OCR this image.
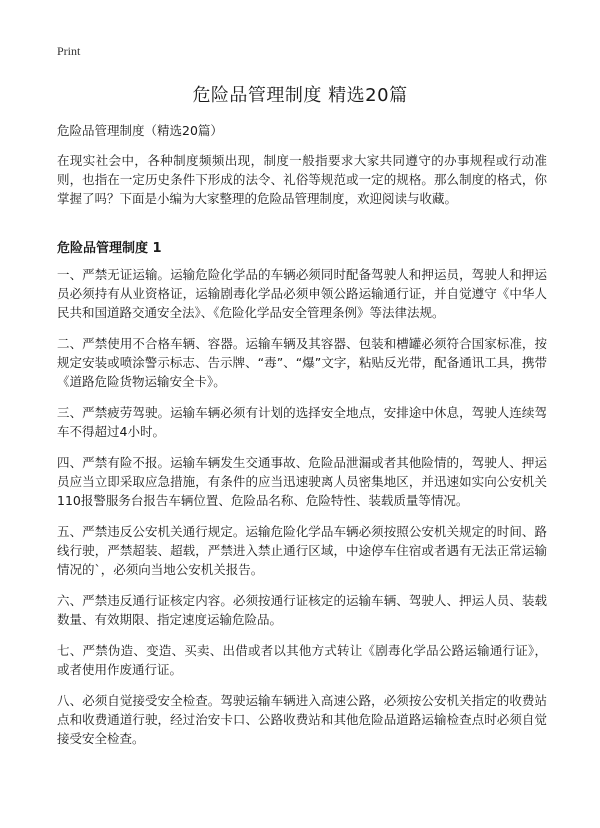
Print
危险品管理制度 精选20篇

危险品管理制度（精选20篇）

在现实社会中，各种制度频频出现，制度一般指要求大家共同遵守的办事规程或行动准则，也指在一定历史条件下形成的法令、礼俗等规范或一定的规格。那么制度的格式，你掌握了吗？下面是小编为大家整理的危险品管理制度，欢迎阅读与收藏。

危险品管理制度 1
一、严禁无证运输。运输危险化学品的车辆必须同时配备驾驶人和押运员，驾驶人和押运员必须持有从业资格证，运输剧毒化学品必须申领公路运输通行证，并自觉遵守《中华人民共和国道路交通安全法》、《危险化学品安全管理条例》等法律法规。
二、严禁使用不合格车辆、容器。运输车辆及其容器、包装和槽罐必须符合国家标准，按规定安装或喷涂警示标志、告示牌、“毒”、“爆”文字，粘贴反光带，配备通讯工具，携带《道路危险货物运输安全卡》。
三、严禁疲劳驾驶。运输车辆必须有计划的选择安全地点，安排途中休息，驾驶人连续驾车不得超过4小时。
四、严禁有险不报。运输车辆发生交通事故、危险品泄漏或者其他险情的，驾驶人、押运员应当立即采取应急措施，有条件的应当迅速驶离人员密集地区，并迅速如实向公安机关110报警服务台报告车辆位置、危险品名称、危险特性、装载质量等情况。
五、严禁违反公安机关通行规定。运输危险化学品车辆必须按照公安机关规定的时间、路线行驶，严禁超装、超载，严禁进入禁止通行区域，中途停车住宿或者遇有无法正常运输情况的`，必须向当地公安机关报告。
六、严禁违反通行证核定内容。必须按通行证核定的运输车辆、驾驶人、押运人员、装载数量、有效期限、指定速度运输危险品。
七、严禁伪造、变造、买卖、出借或者以其他方式转让《剧毒化学品公路运输通行证》，或者使用作废通行证。
八、必须自觉接受安全检查。驾驶运输车辆进入高速公路，必须按公安机关指定的收费站点和收费通道行驶，经过治安卡口、公路收费站和其他危险品道路运输检查点时必须自觉接受安全检查。
